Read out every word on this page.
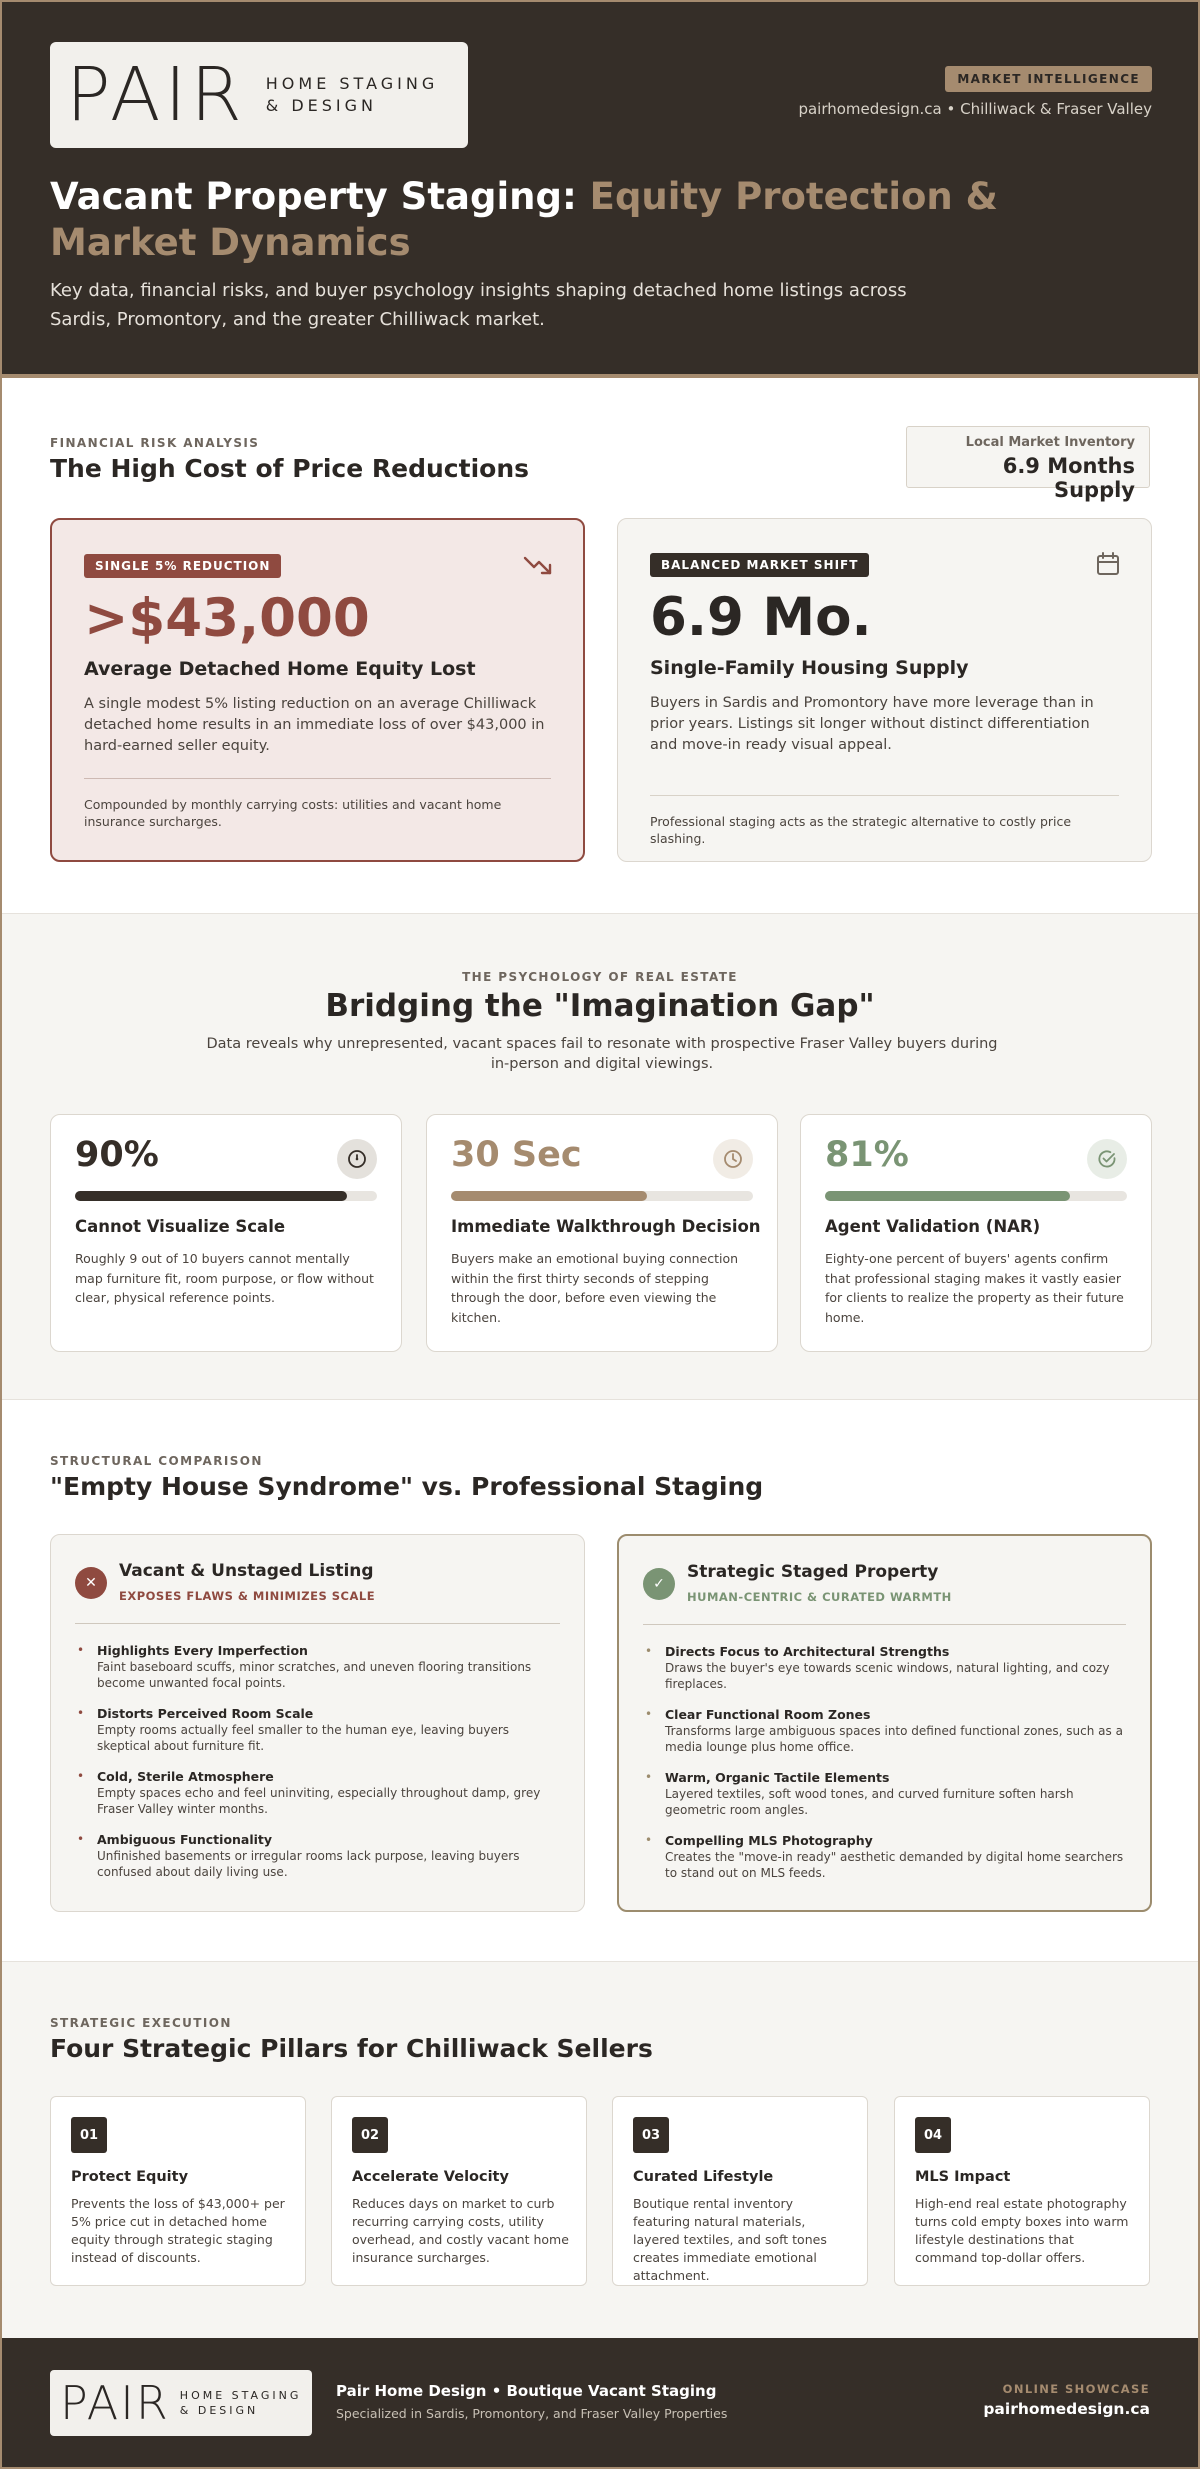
PAIR HOME STAGING
& DESIGN
MARKET INTELLIGENCE
pairhomedesign.ca • Chilliwack & Fraser Valley
Vacant Property Staging: Equity Protection & Market Dynamics

Key data, financial risks, and buyer psychology insights shaping detached home listings across Sardis, Promontory, and the greater Chilliwack market.

FINANCIAL RISK ANALYSIS
The High Cost of Price Reductions
Local Market Inventory
6.9 Months Supply
SINGLE 5% REDUCTION
>$43,000
Average Detached Home Equity Lost
A single modest 5% listing reduction on an average Chilliwack detached home results in an immediate loss of over $43,000 in hard-earned seller equity.
Compounded by monthly carrying costs: utilities and vacant home insurance surcharges.
BALANCED MARKET SHIFT
6.9 Mo.
Single-Family Housing Supply
Buyers in Sardis and Promontory have more leverage than in prior years. Listings sit longer without distinct differentiation and move-in ready visual appeal.
Professional staging acts as the strategic alternative to costly price slashing.
THE PSYCHOLOGY OF REAL ESTATE
Bridging the "Imagination Gap"

Data reveals why unrepresented, vacant spaces fail to resonate with prospective Fraser Valley buyers during in-person and digital viewings.

90%
Cannot Visualize Scale
Roughly 9 out of 10 buyers cannot mentally map furniture fit, room purpose, or flow without clear, physical reference points.
30 Sec
Immediate Walkthrough Decision
Buyers make an emotional buying connection within the first thirty seconds of stepping through the door, before even viewing the kitchen.
81%
Agent Validation (NAR)
Eighty-one percent of buyers' agents confirm that professional staging makes it vastly easier for clients to realize the property as their future home.
STRUCTURAL COMPARISON
"Empty House Syndrome" vs. Professional Staging
✕
Vacant & Unstaged Listing
EXPOSES FLAWS & MINIMIZES SCALE
• Highlights Every Imperfection
Faint baseboard scuffs, minor scratches, and uneven flooring transitions become unwanted focal points.
• Distorts Perceived Room Scale
Empty rooms actually feel smaller to the human eye, leaving buyers skeptical about furniture fit.
• Cold, Sterile Atmosphere
Empty spaces echo and feel uninviting, especially throughout damp, grey Fraser Valley winter months.
• Ambiguous Functionality
Unfinished basements or irregular rooms lack purpose, leaving buyers confused about daily living use.
✓
Strategic Staged Property
HUMAN-CENTRIC & CURATED WARMTH
• Directs Focus to Architectural Strengths
Draws the buyer's eye towards scenic windows, natural lighting, and cozy fireplaces.
• Clear Functional Room Zones
Transforms large ambiguous spaces into defined functional zones, such as a media lounge plus home office.
• Warm, Organic Tactile Elements
Layered textiles, soft wood tones, and curved furniture soften harsh geometric room angles.
• Compelling MLS Photography
Creates the "move-in ready" aesthetic demanded by digital home searchers to stand out on MLS feeds.
STRATEGIC EXECUTION
Four Strategic Pillars for Chilliwack Sellers
01
Protect Equity
Prevents the loss of $43,000+ per 5% price cut in detached home equity through strategic staging instead of discounts.
02
Accelerate Velocity
Reduces days on market to curb recurring carrying costs, utility overhead, and costly vacant home insurance surcharges.
03
Curated Lifestyle
Boutique rental inventory featuring natural materials, layered textiles, and soft tones creates immediate emotional attachment.
04
MLS Impact
High-end real estate photography turns cold empty boxes into warm lifestyle destinations that command top-dollar offers.
PAIR HOME STAGING
& DESIGN
Pair Home Design • Boutique Vacant Staging
Specialized in Sardis, Promontory, and Fraser Valley Properties
ONLINE SHOWCASE
pairhomedesign.ca
